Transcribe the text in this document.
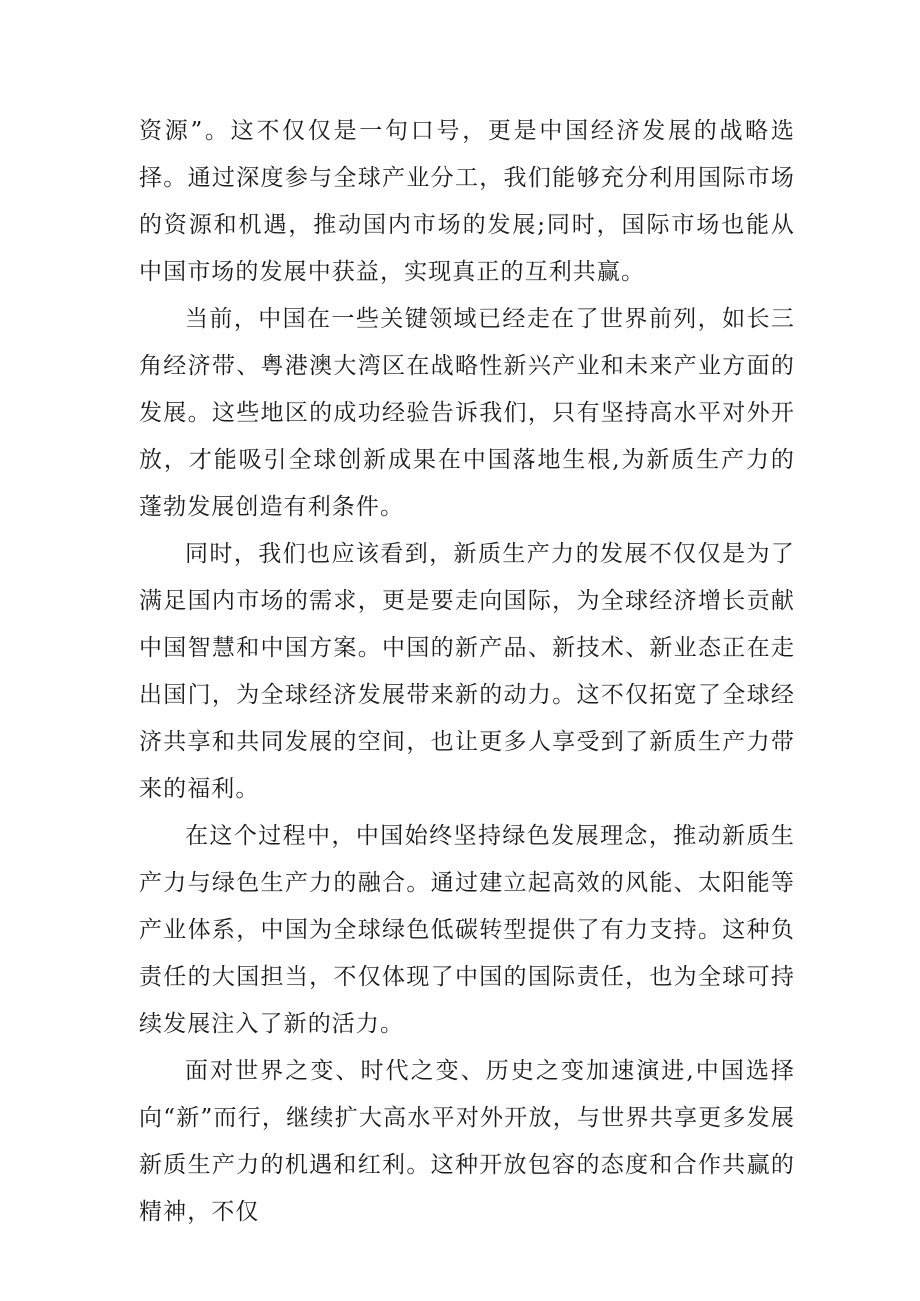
资源”。这不仅仅是一句口号，更是中国经济发展的战略选择。通过深度参与全球产业分工，我们能够充分利用国际市场的资源和机遇，推动国内市场的发展;同时，国际市场也能从中国市场的发展中获益，实现真正的互利共赢。

当前，中国在一些关键领域已经走在了世界前列，如长三角经济带、粤港澳大湾区在战略性新兴产业和未来产业方面的发展。这些地区的成功经验告诉我们，只有坚持高水平对外开放，才能吸引全球创新成果在中国落地生根,为新质生产力的蓬勃发展创造有利条件。

同时，我们也应该看到，新质生产力的发展不仅仅是为了满足国内市场的需求，更是要走向国际，为全球经济增长贡献中国智慧和中国方案。中国的新产品、新技术、新业态正在走出国门，为全球经济发展带来新的动力。这不仅拓宽了全球经济共享和共同发展的空间，也让更多人享受到了新质生产力带来的福利。

在这个过程中，中国始终坚持绿色发展理念，推动新质生产力与绿色生产力的融合。通过建立起高效的风能、太阳能等产业体系，中国为全球绿色低碳转型提供了有力支持。这种负责任的大国担当，不仅体现了中国的国际责任，也为全球可持续发展注入了新的活力。

面对世界之变、时代之变、历史之变加速演进,中国选择向“新”而行，继续扩大高水平对外开放，与世界共享更多发展新质生产力的机遇和红利。这种开放包容的态度和合作共赢的精神，不仅
